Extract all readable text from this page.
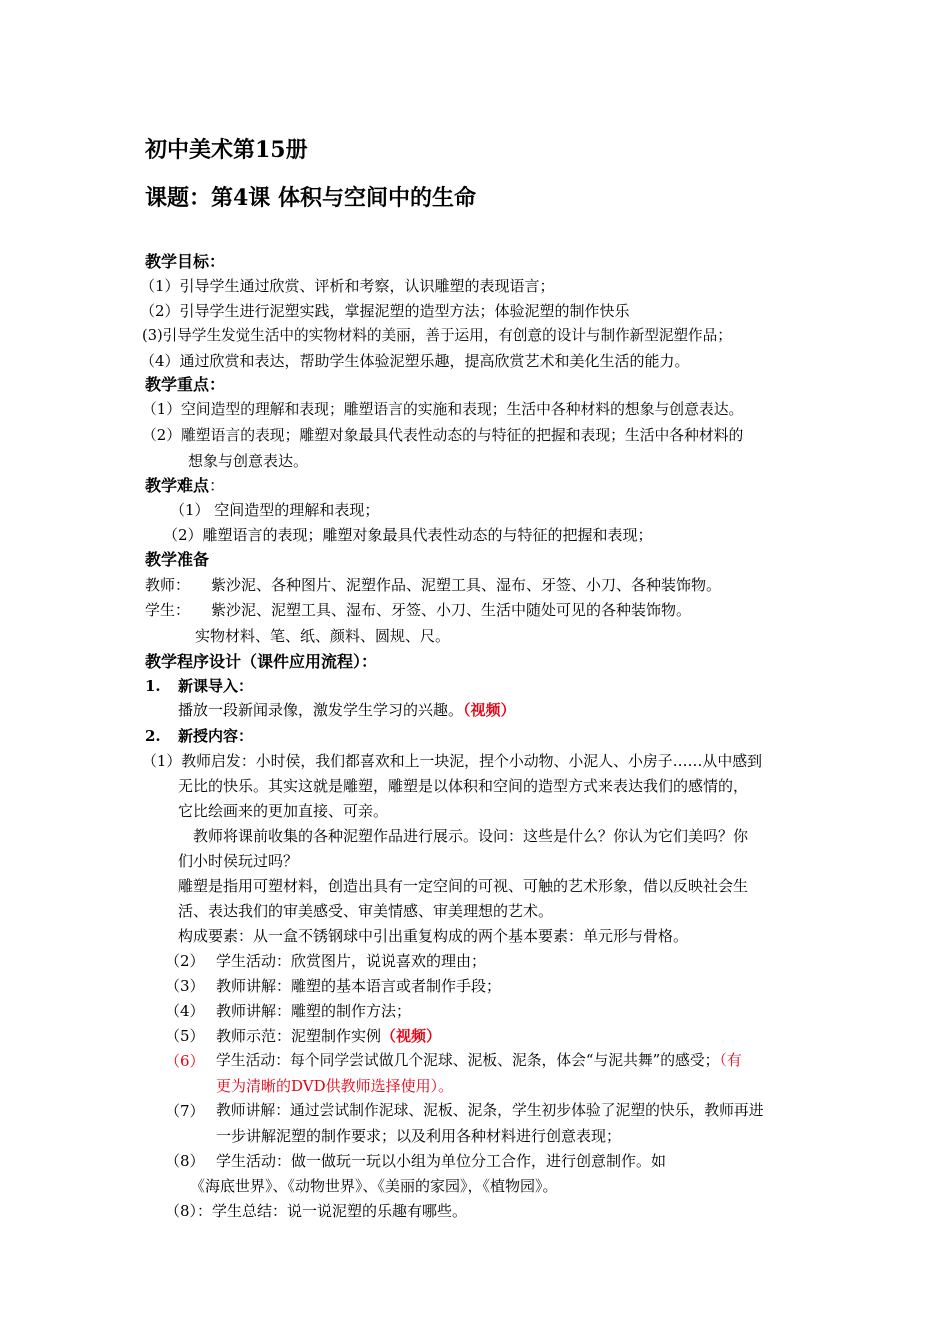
初中美术第15册
课题：第4课 体积与空间中的生命
教学目标：
（1）引导学生通过欣赏、评析和考察，认识雕塑的表现语言；
（2）引导学生进行泥塑实践，掌握泥塑的造型方法；体验泥塑的制作快乐
(3)引导学生发觉生活中的实物材料的美丽，善于运用，有创意的设计与制作新型泥塑作品；
（4）通过欣赏和表达，帮助学生体验泥塑乐趣，提高欣赏艺术和美化生活的能力。
教学重点：
（1）空间造型的理解和表现；雕塑语言的实施和表现；生活中各种材料的想象与创意表达。
（2）雕塑语言的表现；雕塑对象最具代表性动态的与特征的把握和表现；生活中各种材料的
想象与创意表达。
教学难点：
（1） 空间造型的理解和表现；
（2）雕塑语言的表现；雕塑对象最具代表性动态的与特征的把握和表现；
教学准备
教师： 紫沙泥、各种图片、泥塑作品、泥塑工具、湿布、牙签、小刀、各种装饰物。
学生： 紫沙泥、泥塑工具、湿布、牙签、小刀、生活中随处可见的各种装饰物。
实物材料、笔、纸、颜料、圆规、尺。
教学程序设计（课件应用流程）：
1. 新课导入：
播放一段新闻录像，激发学生学习的兴趣。（视频）
2. 新授内容：
（1）教师启发：小时侯，我们都喜欢和上一块泥，捏个小动物、小泥人、小房子……从中感到
无比的快乐。其实这就是雕塑，雕塑是以体积和空间的造型方式来表达我们的感情的，
它比绘画来的更加直接、可亲。
教师将课前收集的各种泥塑作品进行展示。设问：这些是什么？你认为它们美吗？你
们小时侯玩过吗？
雕塑是指用可塑材料，创造出具有一定空间的可视、可触的艺术形象，借以反映社会生
活、表达我们的审美感受、审美情感、审美理想的艺术。
构成要素：从一盒不锈钢球中引出重复构成的两个基本要素：单元形与骨格。
（2） 学生活动：欣赏图片，说说喜欢的理由；
（3） 教师讲解：雕塑的基本语言或者制作手段；
（4） 教师讲解：雕塑的制作方法；
（5） 教师示范：泥塑制作实例（视频）
（6） 学生活动：每个同学尝试做几个泥球、泥板、泥条，体会“与泥共舞”的感受；（有
更为清晰的DVD供教师选择使用）。
（7） 教师讲解：通过尝试制作泥球、泥板、泥条，学生初步体验了泥塑的快乐，教师再进
一步讲解泥塑的制作要求；以及利用各种材料进行创意表现；
（8） 学生活动：做一做玩一玩以小组为单位分工合作，进行创意制作。如
《海底世界》、《动物世界》、《美丽的家园》，《植物园》。
（8）：学生总结：说一说泥塑的乐趣有哪些。
